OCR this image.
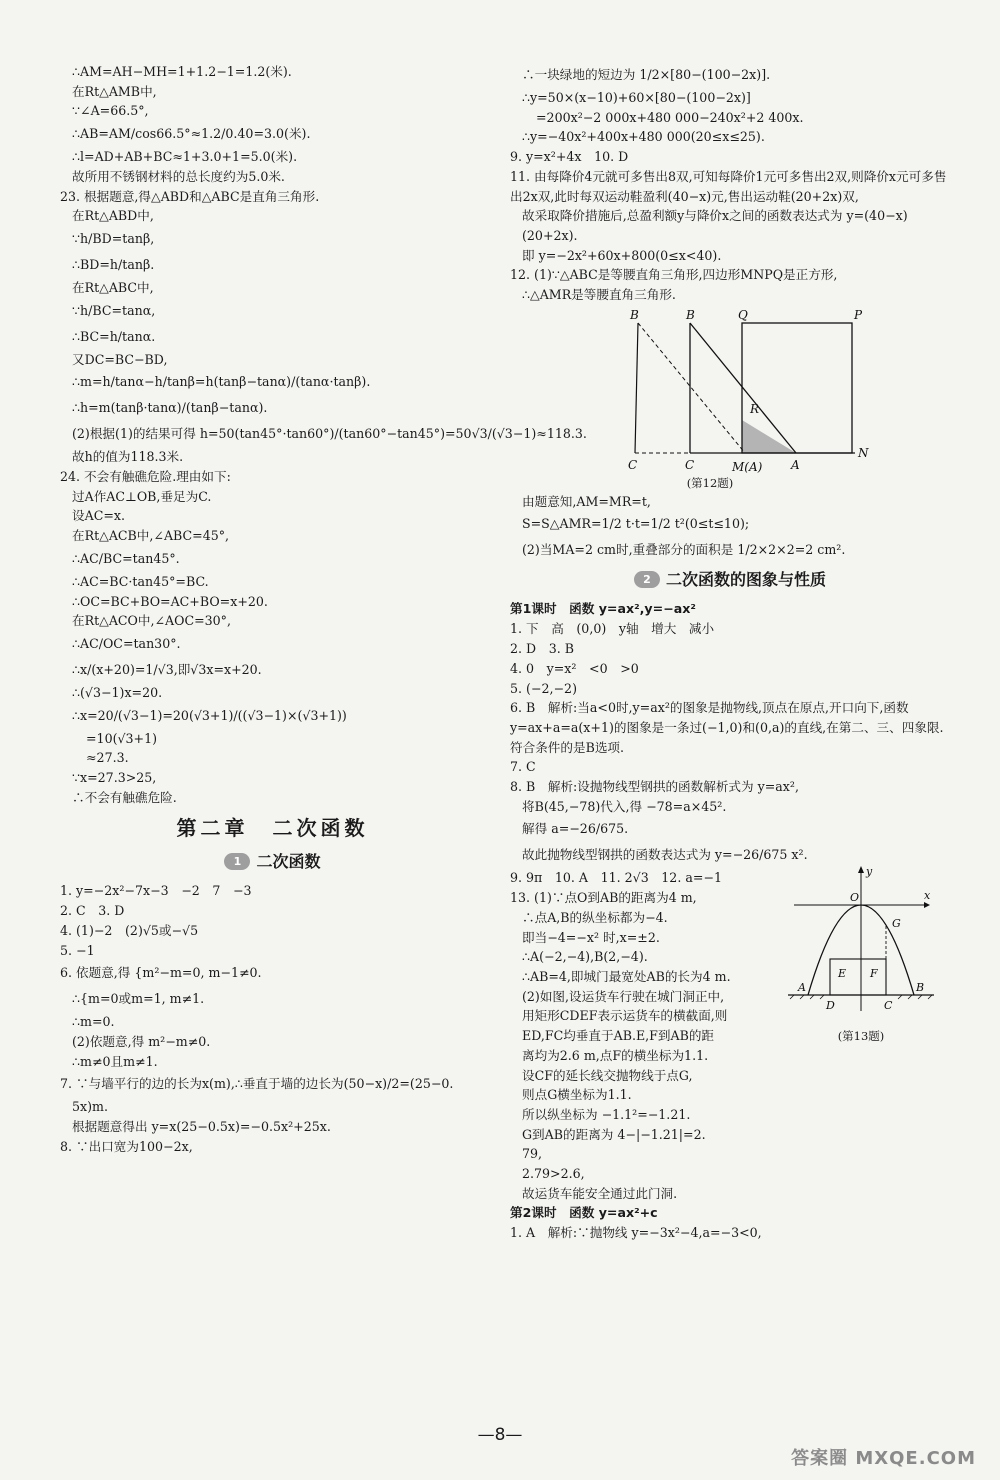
∴AM=AH−MH=1+1.2−1=1.2(米).
在Rt△AMB中,
∵∠A=66.5°,
∴AB=AM/cos66.5°≈1.2/0.40=3.0(米).
∴l=AD+AB+BC≈1+3.0+1=5.0(米).
故所用不锈钢材料的总长度约为5.0米.
23. 根据题意,得△ABD和△ABC是直角三角形.
在Rt△ABD中,
∵h/BD=tanβ,
∴BD=h/tanβ.
在Rt△ABC中,
∵h/BC=tanα,
∴BC=h/tanα.
又DC=BC−BD,
∴m=h/tanα−h/tanβ=h(tanβ−tanα)/(tanα·tanβ).
∴h=m(tanβ·tanα)/(tanβ−tanα).
(2)根据(1)的结果可得 h=50(tan45°·tan60°)/(tan60°−tan45°)=50√3/(√3−1)≈118.3.
故h的值为118.3米.
24. 不会有触礁危险.理由如下:
过A作AC⊥OB,垂足为C.
设AC=x.
在Rt△ACB中,∠ABC=45°,
∴AC/BC=tan45°.
∴AC=BC·tan45°=BC.
∴OC=BC+BO=AC+BO=x+20.
在Rt△ACO中,∠AOC=30°,
∴AC/OC=tan30°.
∴x/(x+20)=1/√3,即√3x=x+20.
∴(√3−1)x=20.
∴x=20/(√3−1)=20(√3+1)/((√3−1)×(√3+1))
=10(√3+1)
≈27.3.
∵x=27.3>25,
∴不会有触礁危险.
第二章　二次函数
1 二次函数
1. y=−2x²−7x−3　−2　7　−3
2. C　3. D
4. (1)−2　(2)√5或−√5
5. −1
6. 依题意,得 {m²−m=0, m−1≠0.
∴{m=0或m=1, m≠1.
∴m=0.
(2)依题意,得 m²−m≠0.
∴m≠0且m≠1.
7. ∵与墙平行的边的长为x(m),∴垂直于墙的边长为(50−x)/2=(25−0.
5x)m.
根据题意得出 y=x(25−0.5x)=−0.5x²+25x.
8. ∵出口宽为100−2x,
∴一块绿地的短边为 1/2×[80−(100−2x)].
∴y=50×(x−10)+60×[80−(100−2x)]
=200x²−2 000x+480 000−240x²+2 400x.
∴y=−40x²+400x+480 000(20≤x≤25).
9. y=x²+4x　10. D
11. 由每降价4元就可多售出8双,可知每降价1元可多售出2双,则降价x元可多售出2x双,此时每双运动鞋盈利(40−x)元,售出运动鞋(20+2x)双,
故采取降价措施后,总盈利额y与降价x之间的函数表达式为 y=(40−x)(20+2x).
即 y=−2x²+60x+800(0≤x<40).
12. (1)∵△ABC是等腰直角三角形,四边形MNPQ是正方形,
∴△AMR是等腰直角三角形.
B	B	Q	P
R
C	C	M(A) A
N
(第12题)
由题意知,AM=MR=t,
S=S△AMR=1/2 t·t=1/2 t²(0≤t≤10);
(2)当MA=2 cm时,重叠部分的面积是 1/2×2×2=2 cm².
2 二次函数的图象与性质
第1课时　函数 y=ax²,y=−ax²
1. 下　高　(0,0)　y轴　增大　减小
2. D　3. B
4. 0　y=x²　<0　>0
5. (−2,−2)
6. B　解析:当a<0时,y=ax²的图象是抛物线,顶点在原点,开口向下,函数 y=ax+a=a(x+1)的图象是一条过(−1,0)和(0,a)的直线,在第二、三、四象限.符合条件的是B选项.
7. C
8. B　解析:设抛物线型钢拱的函数解析式为 y=ax²,
将B(45,−78)代入,得 −78=a×45².
解得 a=−26/675.
故此抛物线型钢拱的函数表达式为 y=−26/675 x².
9. 9π　10. A　11. 2√3　12. a=−1
13. (1)∵点O到AB的距离为4 m,
∴点A,B的纵坐标都为−4.
即当−4=−x² 时,x=±2.
∴A(−2,−4),B(2,−4).
∴AB=4,即城门最宽处AB的长为4 m.
(2)如图,设运货车行驶在城门洞正中,
用矩形CDEF表示运货车的横截面,则
ED,FC均垂直于AB.E,F到AB的距
离均为2.6 m,点F的横坐标为1.1.
设CF的延长线交抛物线于点G,
则点G横坐标为1.1.
所以纵坐标为 −1.1²=−1.21.
G到AB的距离为 4−|−1.21|=2.
79,
2.79>2.6,
故运货车能安全通过此门洞.
y
O	x
G
E F
A	B
D	C
(第13题)
第2课时　函数 y=ax²+c
1. A　解析:∵抛物线 y=−3x²−4,a=−3<0,
—8—
答案圈 MXQE.COM
